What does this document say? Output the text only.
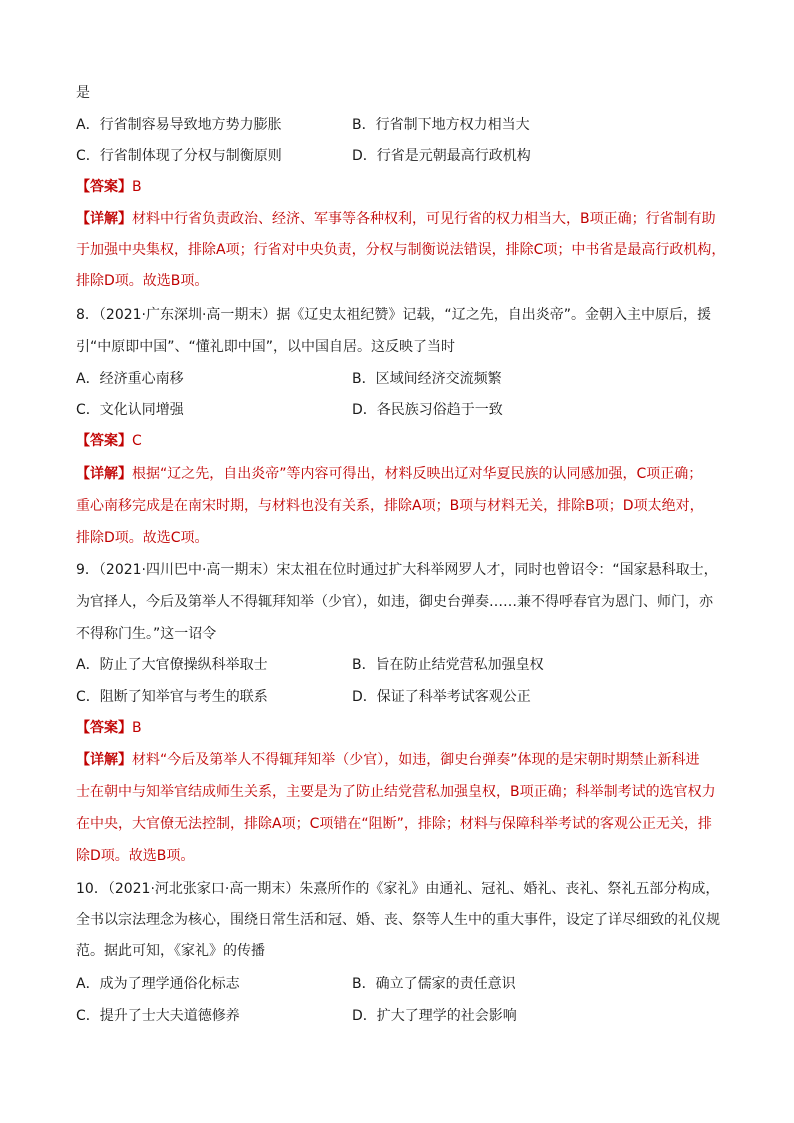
是
A．行省制容易导致地方势力膨胀	B．行省制下地方权力相当大
C．行省制体现了分权与制衡原则	D．行省是元朝最高行政机构
【答案】B
【详解】材料中行省负责政治、经济、军事等各种权利，可见行省的权力相当大，B项正确；行省制有助
于加强中央集权，排除A项；行省对中央负责，分权与制衡说法错误，排除C项；中书省是最高行政机构，
排除D项。故选B项。
8．（2021·广东深圳·高一期末）据《辽史太祖纪赞》记载，“辽之先，自出炎帝”。金朝入主中原后，援
引“中原即中国”、“懂礼即中国”，以中国自居。这反映了当时
A．经济重心南移	B．区域间经济交流频繁
C．文化认同增强	D．各民族习俗趋于一致
【答案】C
【详解】根据“辽之先，自出炎帝”等内容可得出，材料反映出辽对华夏民族的认同感加强，C项正确；
重心南移完成是在南宋时期，与材料也没有关系，排除A项；B项与材料无关，排除B项；D项太绝对，
排除D项。故选C项。
9．（2021·四川巴中·高一期末）宋太祖在位时通过扩大科举网罗人才，同时也曾诏令：“国家悬科取士，
为官择人，今后及第举人不得辄拜知举（少官），如违，御史台弹奏……兼不得呼春官为恩门、师门，亦
不得称门生。”这一诏令
A．防止了大官僚操纵科举取士	B．旨在防止结党营私加强皇权
C．阻断了知举官与考生的联系	D．保证了科举考试客观公正
【答案】B
【详解】材料“今后及第举人不得辄拜知举（少官），如违，御史台弹奏”体现的是宋朝时期禁止新科进
士在朝中与知举官结成师生关系，主要是为了防止结党营私加强皇权，B项正确；科举制考试的选官权力
在中央，大官僚无法控制，排除A项；C项错在“阻断”，排除；材料与保障科举考试的客观公正无关，排
除D项。故选B项。
10．（2021·河北张家口·高一期末）朱熹所作的《家礼》由通礼、冠礼、婚礼、丧礼、祭礼五部分构成，
全书以宗法理念为核心，围绕日常生活和冠、婚、丧、祭等人生中的重大事件，设定了详尽细致的礼仪规
范。据此可知，《家礼》的传播
A．成为了理学通俗化标志	B．确立了儒家的责任意识
C．提升了士大夫道德修养	D．扩大了理学的社会影响
